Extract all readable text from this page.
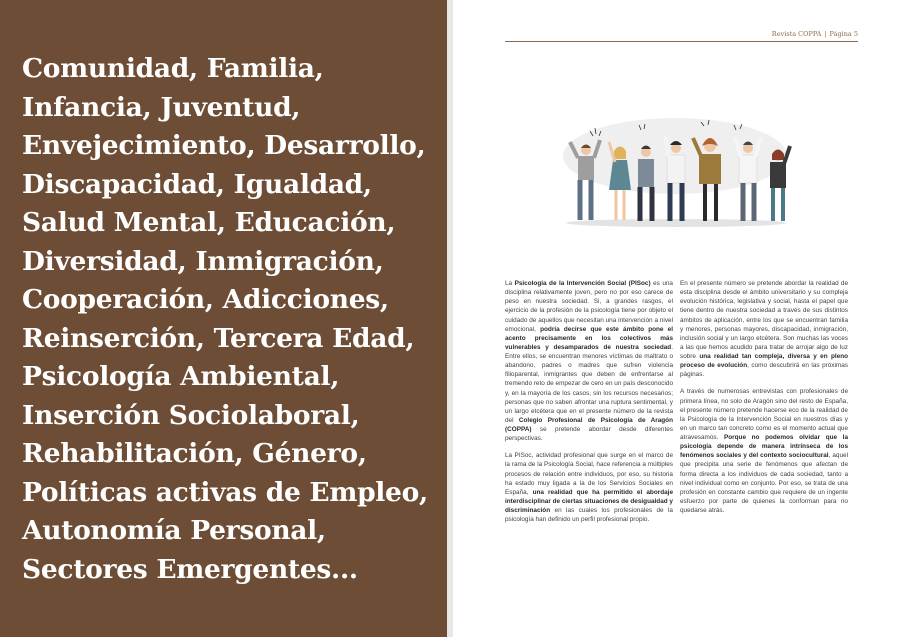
Comunidad, Familia,
Infancia, Juventud,
Envejecimiento, Desarrollo,
Discapacidad, Igualdad,
Salud Mental, Educación,
Diversidad, Inmigración,
Cooperación, Adicciones,
Reinserción, Tercera Edad,
Psicología Ambiental,
Inserción Sociolaboral,
Rehabilitación, Género,
Políticas activas de Empleo,
Autonomía Personal,
Sectores Emergentes...
Revista COPPA | Página 5

La Psicología de la Intervención Social (PISoc) es una disciplina relativamente joven, pero no por eso carece de peso en nuestra sociedad. Si, a grandes rasgos, el ejercicio de la profesión de la psicología tiene por objeto el cuidado de aquellos que necesitan una intervención a nivel emocional, podría decirse que este ámbito pone el acento precisamente en los colectivos más vulnerables y desamparados de nuestra sociedad. Entre ellos, se encuentran menores víctimas de maltrato o abandono, padres o madres que sufren violencia filioparental, inmigrantes que deben de enfrentarse al tremendo reto de empezar de cero en un país desconocido y, en la mayoría de los casos, sin los recursos necesarios; personas que no saben afrontar una ruptura sentimental, y un largo etcétera que en el presente número de la revista del Colegio Profesional de Psicología de Aragón (COPPA) se pretende abordar desde diferentes perspectivas.

La PISoc, actividad profesional que surge en el marco de la rama de la Psicología Social, hace referencia a múltiples procesos de relación entre individuos, por eso, su historia ha estado muy ligada a la de los Servicios Sociales en España, una realidad que ha permitido el abordaje interdisciplinar de ciertas situaciones de desigualdad y discriminación en las cuales los profesionales de la psicología han definido un perfil profesional propio.

En el presente número se pretende abordar la realidad de esta disciplina desde el ámbito universitario y su compleja evolución histórica, legislativa y social, hasta el papel que tiene dentro de nuestra sociedad a través de sus distintos ámbitos de aplicación, entre los que se encuentran familia y menores, personas mayores, discapacidad, inmigración, inclusión social y un largo etcétera. Son muchas las voces a las que hemos acudido para tratar de arrojar algo de luz sobre una realidad tan compleja, diversa y en pleno proceso de evolución, como descubrirá en las próximas páginas.

A través de numerosas entrevistas con profesionales de primera línea, no solo de Aragón sino del resto de España, el presente número pretende hacerse eco de la realidad de la Psicología de la Intervención Social en nuestros días y en un marco tan concreto como es el momento actual que atravesamos. Porque no podemos olvidar que la psicología depende de manera intrínseca de los fenómenos sociales y del contexto sociocultural, aquel que precipita una serie de fenómenos que afectan de forma directa a los individuos de cada sociedad, tanto a nivel individual como en conjunto. Por eso, se trata de una profesión en constante cambio que requiere de un ingente esfuerzo por parte de quienes la conforman para no quedarse atrás.
